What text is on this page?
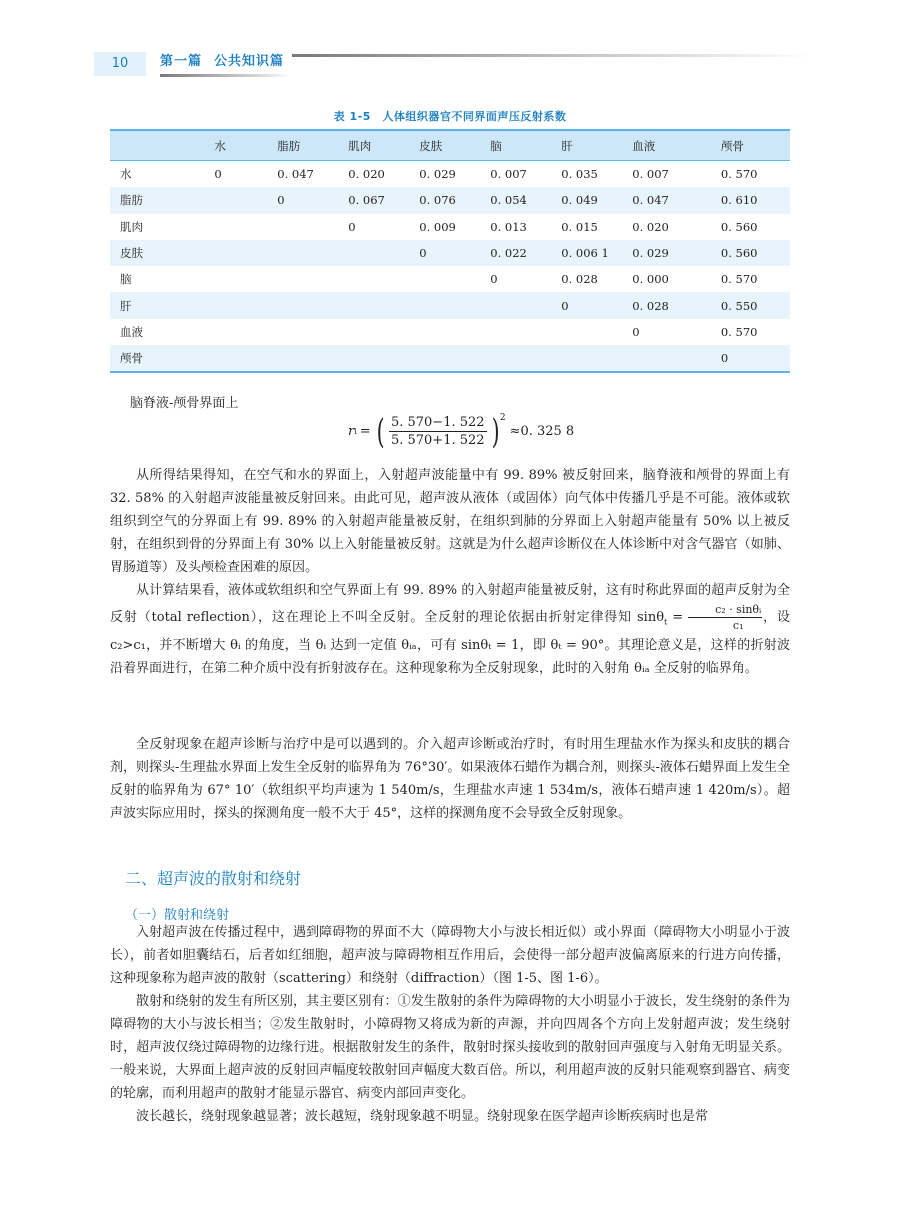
10	第一篇 公共知识篇
表 1-5　人体组织器官不同界面声压反射系数
	水	脂肪	肌肉	皮肤	脑	肝	血液	颅骨
水	0	0. 047	0. 020	0. 029	0. 007	0. 035	0. 007	0. 570
脂肪		0	0. 067	0. 076	0. 054	0. 049	0. 047	0. 610
肌肉			0	0. 009	0. 013	0. 015	0. 020	0. 560
皮肤				0	0. 022	0. 006 1	0. 029	0. 560
脑					0	0. 028	0. 000	0. 570
肝						0	0. 028	0. 550
血液							0	0. 570
颅骨								0
脑脊液-颅骨界面上
r i = ( $\frac{5. 570-1. 522}{5. 570+1. 522}$ ) 2
≈0. 325 8
从所得结果得知，在空气和水的界面上，入射超声波能量中有 99. 89% 被反射回来，脑脊液和颅骨的界面上有 32. 58% 的入射超声波能量被反射回来。由此可见，超声波从液体（或固体）向气体中传播几乎是不可能。液体或软组织到空气的分界面上有 99. 89% 的入射超声能量被反射，在组织到肺的分界面上入射超声能量有 50% 以上被反射，在组织到骨的分界面上有 30% 以上入射能量被反射。这就是为什么超声诊断仪在人体诊断中对含气器官（如肺、胃肠道等）及头颅检查困难的原因。
从计算结果看，液体或软组织和空气界面上有 99. 89% 的入射超声能量被反射，这有时称此界面的超声反射为全反射（total reflection），这在理论上不叫全反射。全反射的理论依据由折射定律得知 $\sin\theta_t = \frac{\text{c₂ · sinθᵢ}}{\text{c₁}}$ ，设 c₂>c₁，并不断增大 θᵢ 的角度，当 θᵢ 达到一定值 θᵢₐ，可有 sinθₜ = 1，即 θₜ = 90°。其理论意义是，这样的折射波沿着界面进行，在第二种介质中没有折射波存在。这种现象称为全反射现象，此时的入射角 θᵢₐ 全反射的临界角。
全反射现象在超声诊断与治疗中是可以遇到的。介入超声诊断或治疗时，有时用生理盐水作为探头和皮肤的耦合剂，则探头-生理盐水界面上发生全反射的临界角为 76°30′。如果液体石蜡作为耦合剂，则探头-液体石蜡界面上发生全反射的临界角为 67° 10′（软组织平均声速为 1 540m/s，生理盐水声速 1 534m/s，液体石蜡声速 1 420m/s）。超声波实际应用时，探头的探测角度一般不大于 45°，这样的探测角度不会导致全反射现象。
二、超声波的散射和绕射
（一）散射和绕射
入射超声波在传播过程中，遇到障碍物的界面不大（障碍物大小与波长相近似）或小界面（障碍物大小明显小于波长），前者如胆囊结石，后者如红细胞，超声波与障碍物相互作用后，会使得一部分超声波偏离原来的行进方向传播，这种现象称为超声波的散射（scattering）和绕射（diffraction）（图 1-5、图 1-6）。
散射和绕射的发生有所区别，其主要区别有：①发生散射的条件为障碍物的大小明显小于波长，发生绕射的条件为障碍物的大小与波长相当；②发生散射时，小障碍物又将成为新的声源，并向四周各个方向上发射超声波；发生绕射时，超声波仅绕过障碍物的边缘行进。根据散射发生的条件，散射时探头接收到的散射回声强度与入射角无明显关系。一般来说，大界面上超声波的反射回声幅度较散射回声幅度大数百倍。所以，利用超声波的反射只能观察到器官、病变的轮廓，而利用超声的散射才能显示器官、病变内部回声变化。
波长越长，绕射现象越显著；波长越短，绕射现象越不明显。绕射现象在医学超声诊断疾病时也是常
